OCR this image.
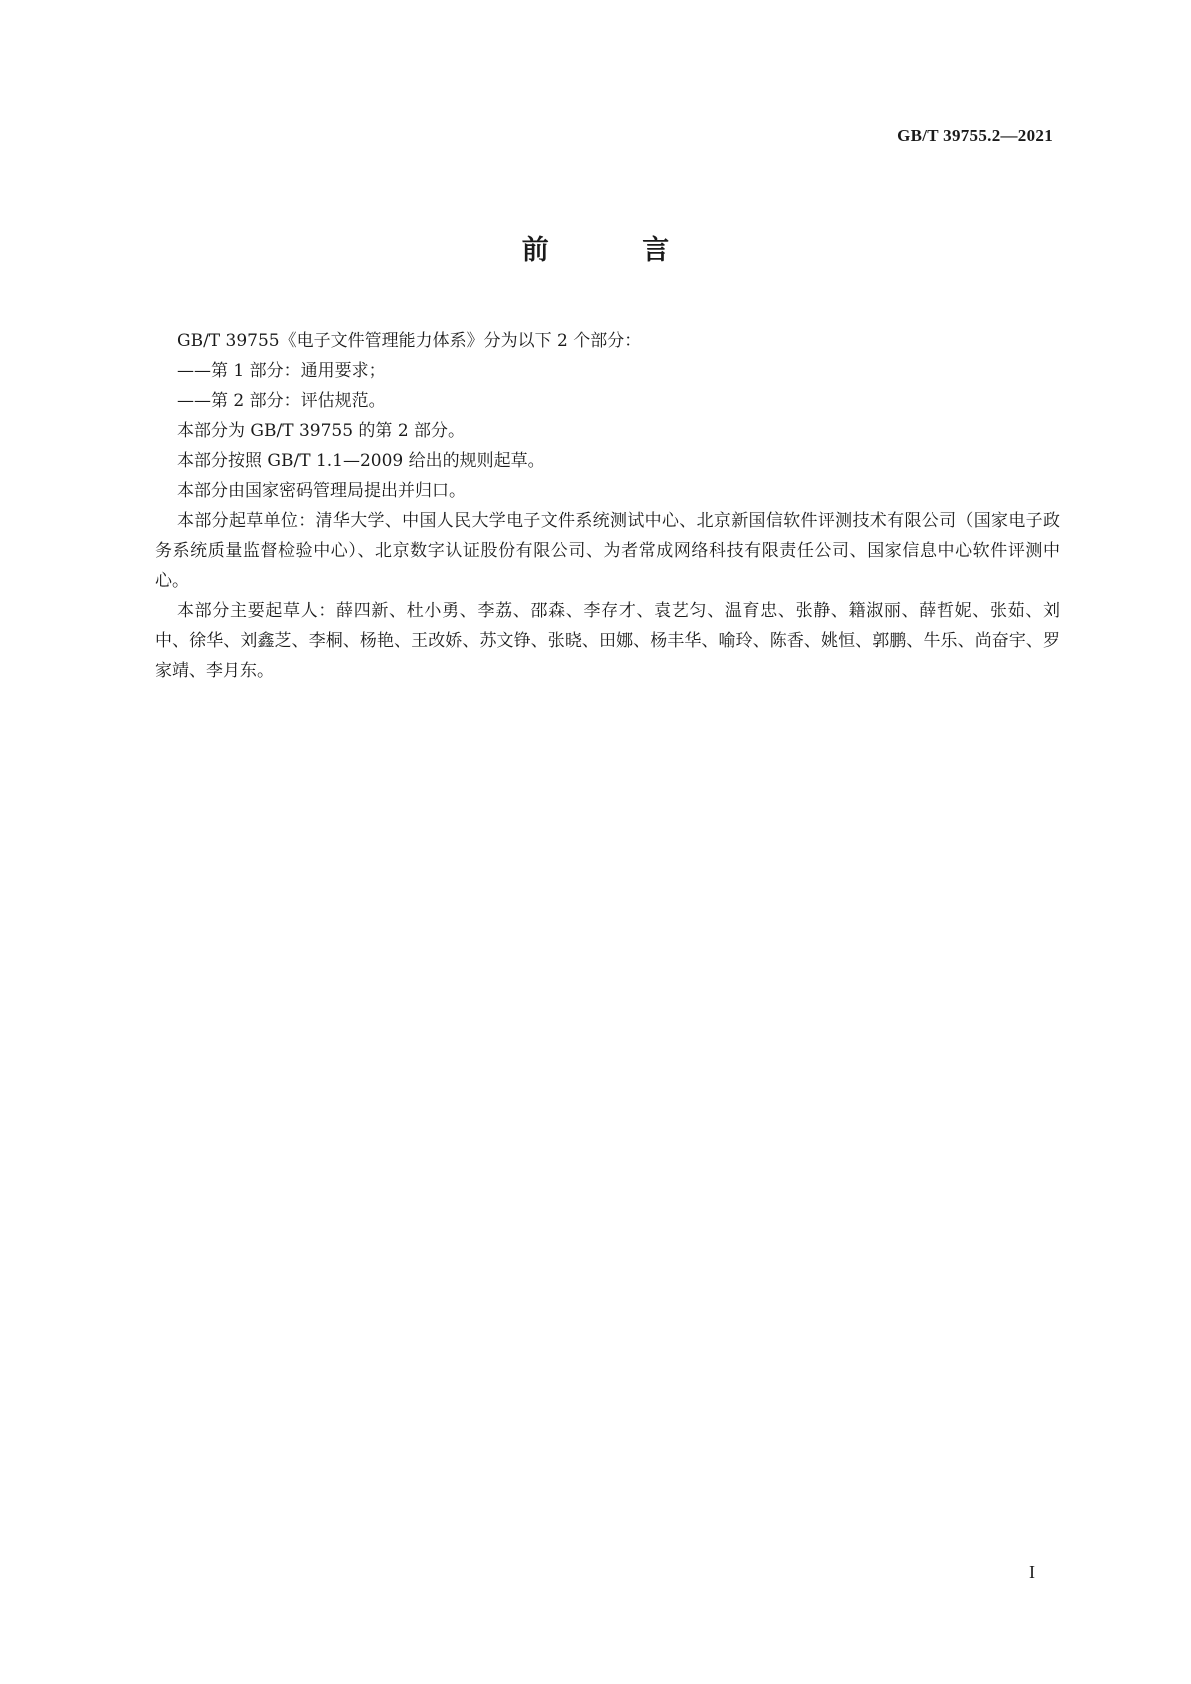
GB/T 39755.2—2021
前 言

GB/T 39755《电子文件管理能力体系》分为以下 2 个部分：

——第 1 部分：通用要求；

——第 2 部分：评估规范。

本部分为 GB/T 39755 的第 2 部分。

本部分按照 GB/T 1.1—2009 给出的规则起草。

本部分由国家密码管理局提出并归口。

本部分起草单位：清华大学、中国人民大学电子文件系统测试中心、北京新国信软件评测技术有限公司（国家电子政务系统质量监督检验中心）、北京数字认证股份有限公司、为者常成网络科技有限责任公司、国家信息中心软件评测中心。

本部分主要起草人：薛四新、杜小勇、李荔、邵森、李存才、袁艺匀、温育忠、张静、籍淑丽、薛哲妮、张茹、刘中、徐华、刘鑫芝、李桐、杨艳、王改娇、苏文铮、张晓、田娜、杨丰华、喻玲、陈香、姚恒、郭鹏、牛乐、尚奋宇、罗家靖、李月东。

I
